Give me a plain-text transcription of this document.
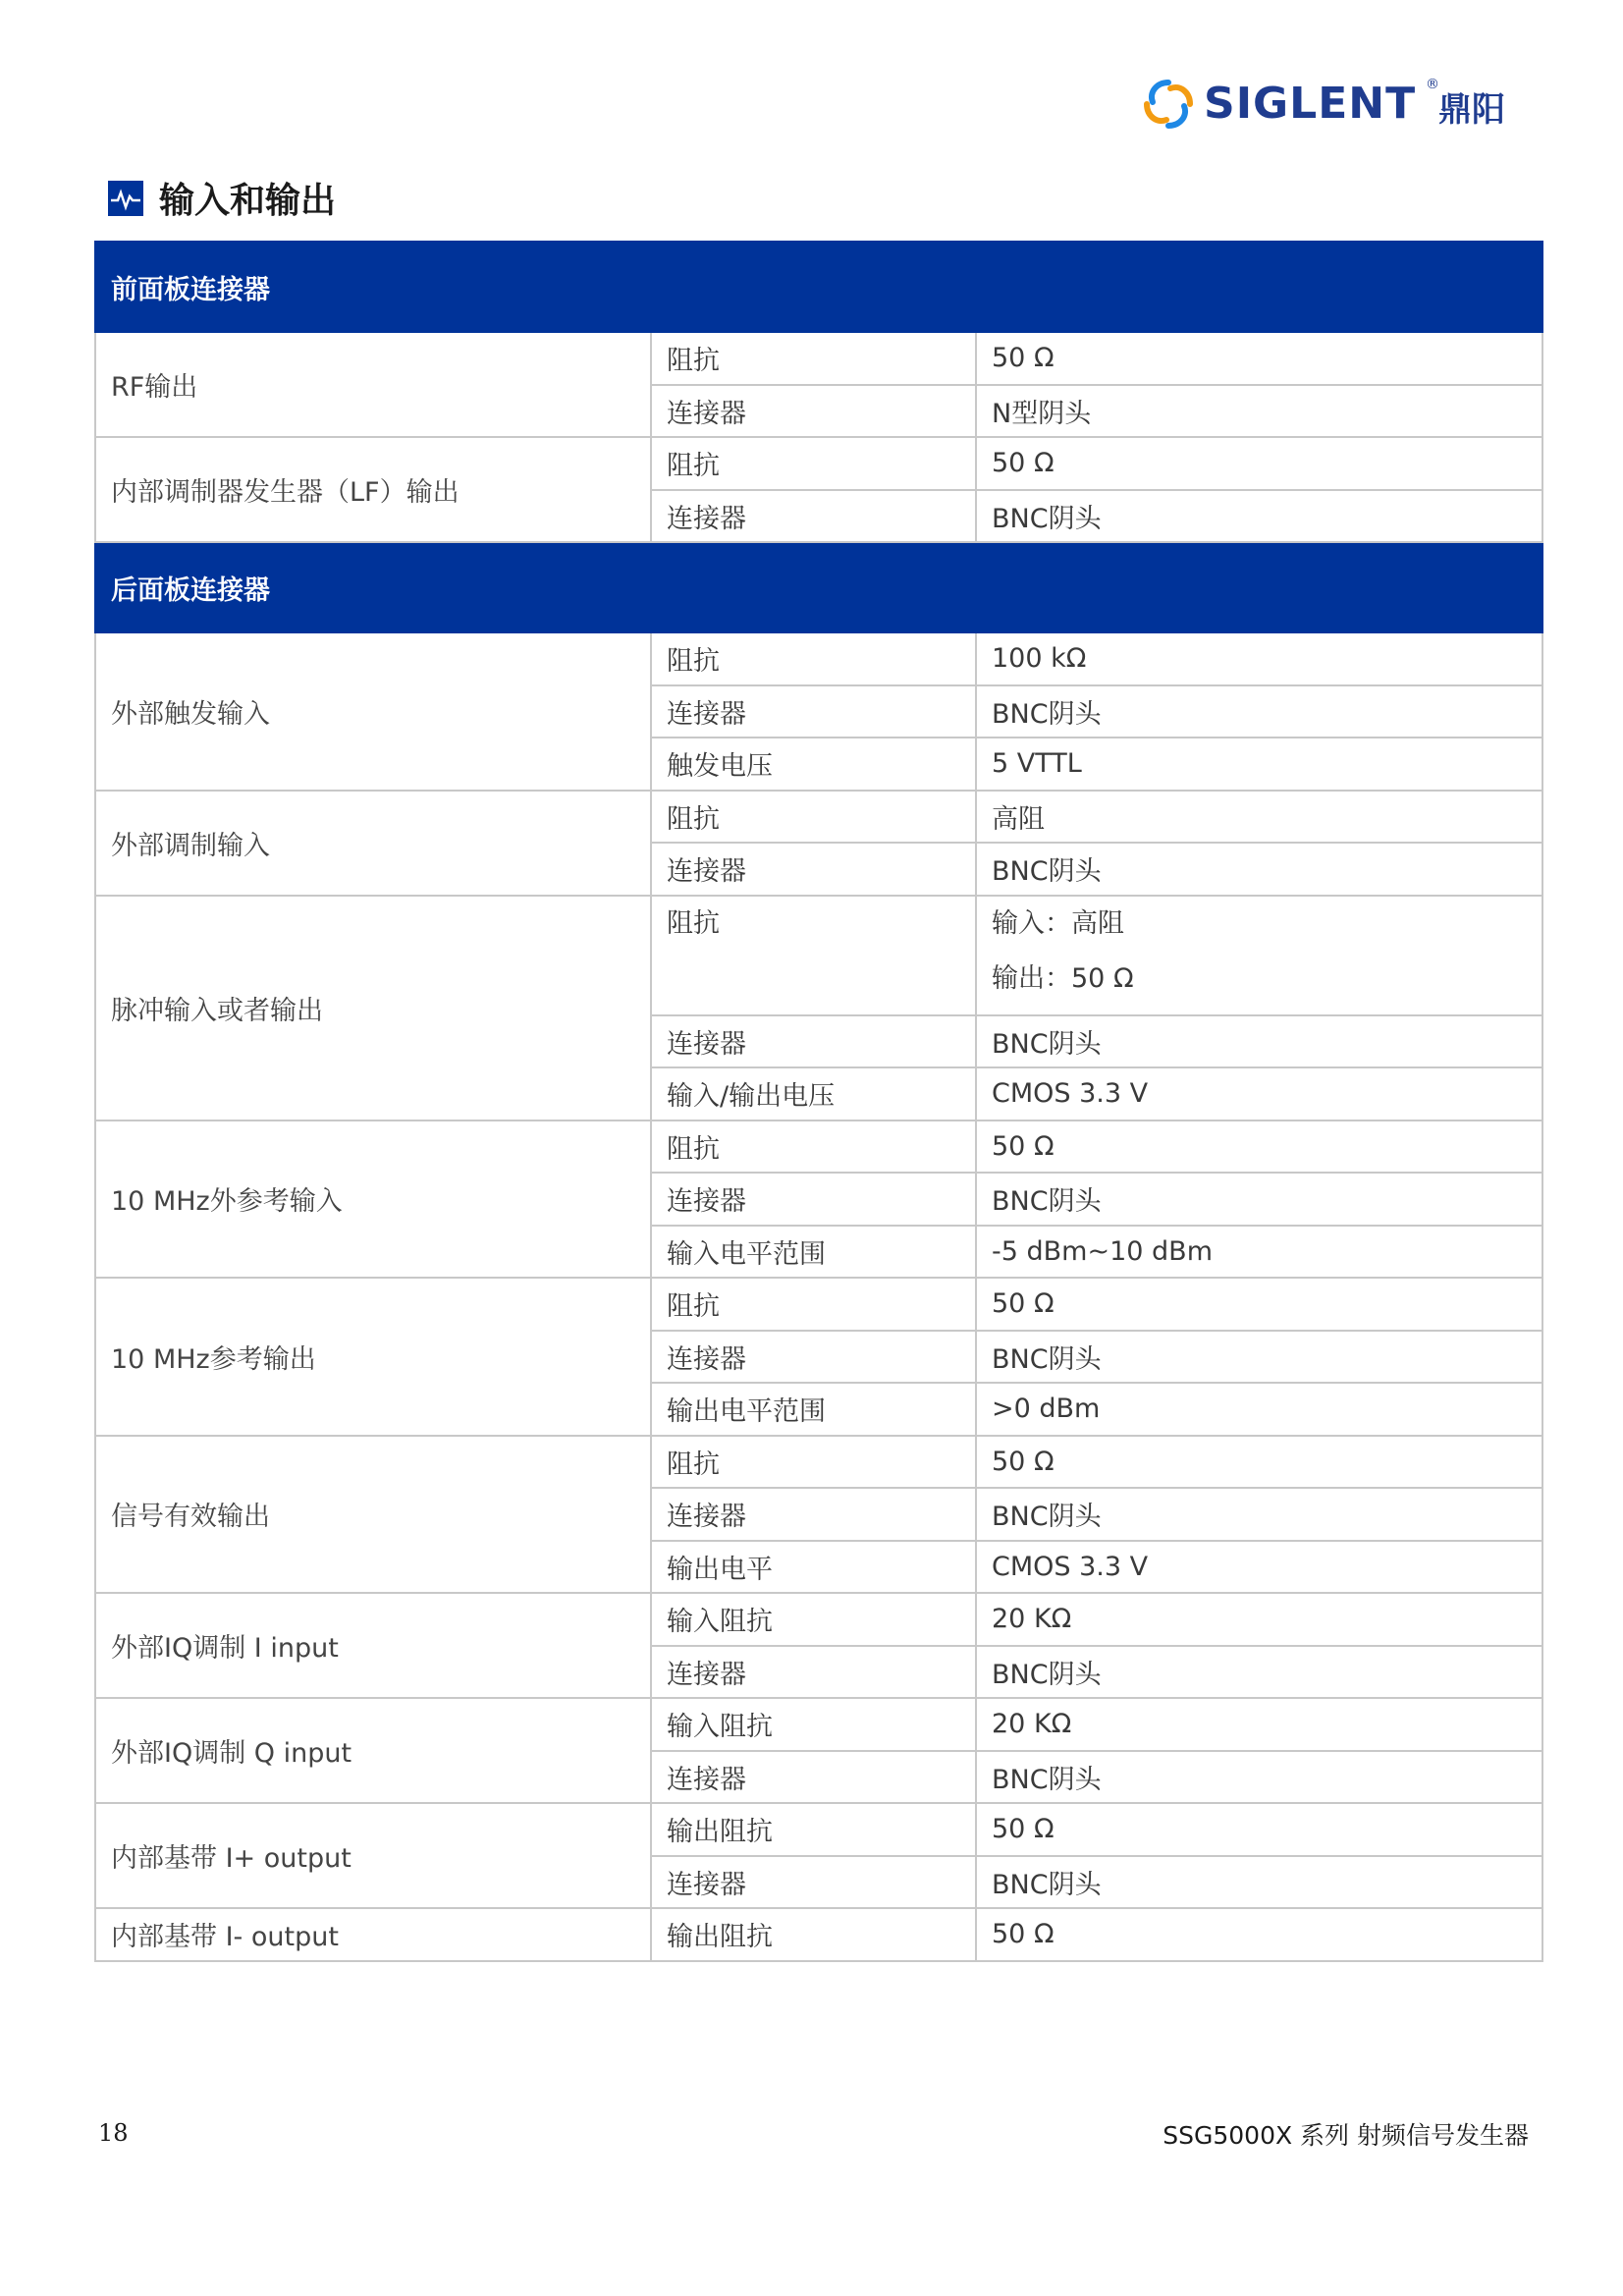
SIGLENT ®
鼎阳
输入和输出
前面板连接器		
RF输出	阻抗	50 Ω
	连接器	N型阴头
内部调制器发生器（LF）输出	阻抗	50 Ω
	连接器	BNC阴头
后面板连接器		
外部触发输入	阻抗	100 kΩ
	连接器	BNC阴头
	触发电压	5 VTTL
外部调制输入	阻抗	高阻
	连接器	BNC阴头
脉冲输入或者输出	阻抗	输入：高阻
输出：50 Ω

	连接器	BNC阴头
	输入/输出电压	CMOS 3.3 V
10 MHz外参考输入	阻抗	50 Ω
	连接器	BNC阴头
	输入电平范围	-5 dBm~10 dBm
10 MHz参考输出	阻抗	50 Ω
	连接器	BNC阴头
	输出电平范围	>0 dBm
信号有效输出	阻抗	50 Ω
	连接器	BNC阴头
	输出电平	CMOS 3.3 V
外部IQ调制 I input	输入阻抗	20 KΩ
	连接器	BNC阴头
外部IQ调制 Q input	输入阻抗	20 KΩ
	连接器	BNC阴头
内部基带 I+ output	输出阻抗	50 Ω
	连接器	BNC阴头
内部基带 I- output	输出阻抗	50 Ω
18	SSG5000X 系列 射频信号发生器
